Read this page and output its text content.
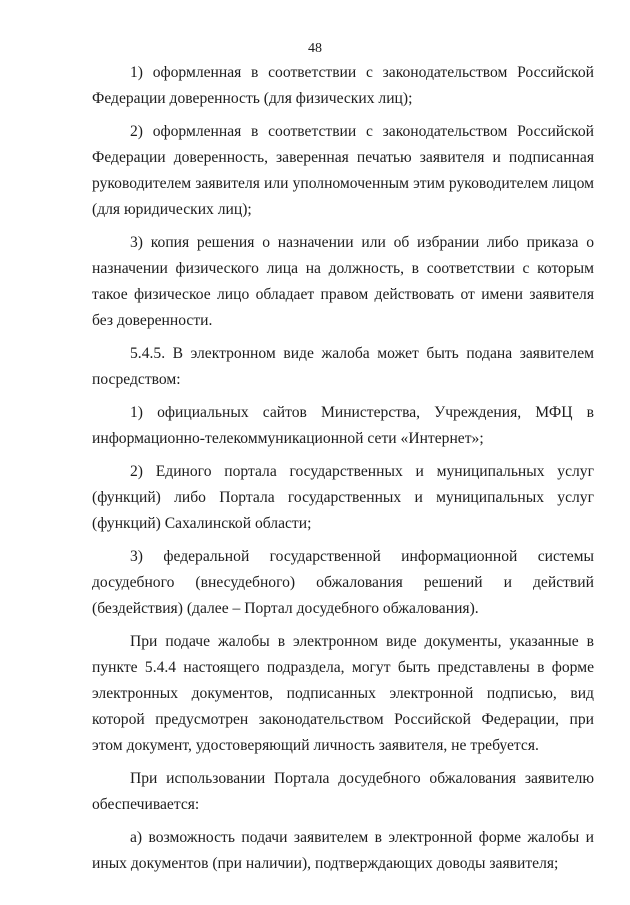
48

1) оформленная в соответствии с законодательством Российской Федерации доверенность (для физических лиц);

2) оформленная в соответствии с законодательством Российской Федерации доверенность, заверенная печатью заявителя и подписанная руководителем заявителя или уполномоченным этим руководителем лицом (для юридических лиц);

3) копия решения о назначении или об избрании либо приказа о назначении физического лица на должность, в соответствии с которым такое физическое лицо обладает правом действовать от имени заявителя без доверенности.

5.4.5. В электронном виде жалоба может быть подана заявителем посредством:

1) официальных сайтов Министерства, Учреждения, МФЦ в информационно-телекоммуникационной сети «Интернет»;

2) Единого портала государственных и муниципальных услуг (функций) либо Портала государственных и муниципальных услуг (функций) Сахалинской области;

3) федеральной государственной информационной системы досудебного (внесудебного) обжалования решений и действий (бездействия) (далее – Портал досудебного обжалования).

При подаче жалобы в электронном виде документы, указанные в пункте 5.4.4 настоящего подраздела, могут быть представлены в форме электронных документов, подписанных электронной подписью, вид которой предусмотрен законодательством Российской Федерации, при этом документ, удостоверяющий личность заявителя, не требуется.

При использовании Портала досудебного обжалования заявителю обеспечивается:

а) возможность подачи заявителем в электронной форме жалобы и иных документов (при наличии), подтверждающих доводы заявителя;
